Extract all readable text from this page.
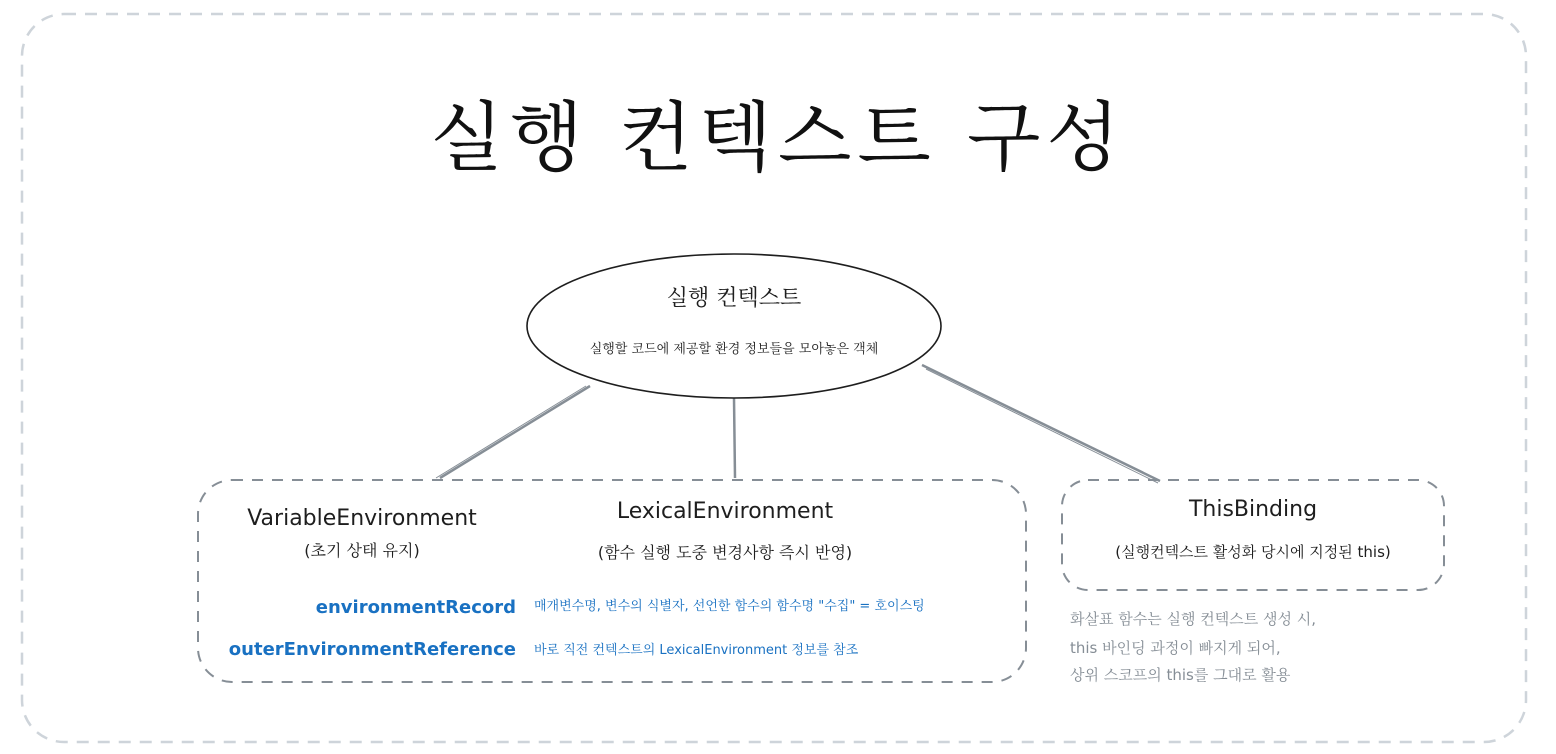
실행 컨텍스트 구성
실행 컨텍스트
실행할 코드에 제공할 환경 정보들을 모아놓은 객체
VariableEnvironment
(초기 상태 유지)
LexicalEnvironment
(함수 실행 도중 변경사항 즉시 반영)
environmentRecord 매개변수명, 변수의 식별자, 선언한 함수의 함수명 "수집" = 호이스팅
outerEnvironmentReference 바로 직전 컨텍스트의 LexicalEnvironment 정보를 참조
ThisBinding
(실행컨텍스트 활성화 당시에 지정된 this)
화살표 함수는 실행 컨텍스트 생성 시,
this 바인딩 과정이 빠지게 되어,
상위 스코프의 this를 그대로 활용
